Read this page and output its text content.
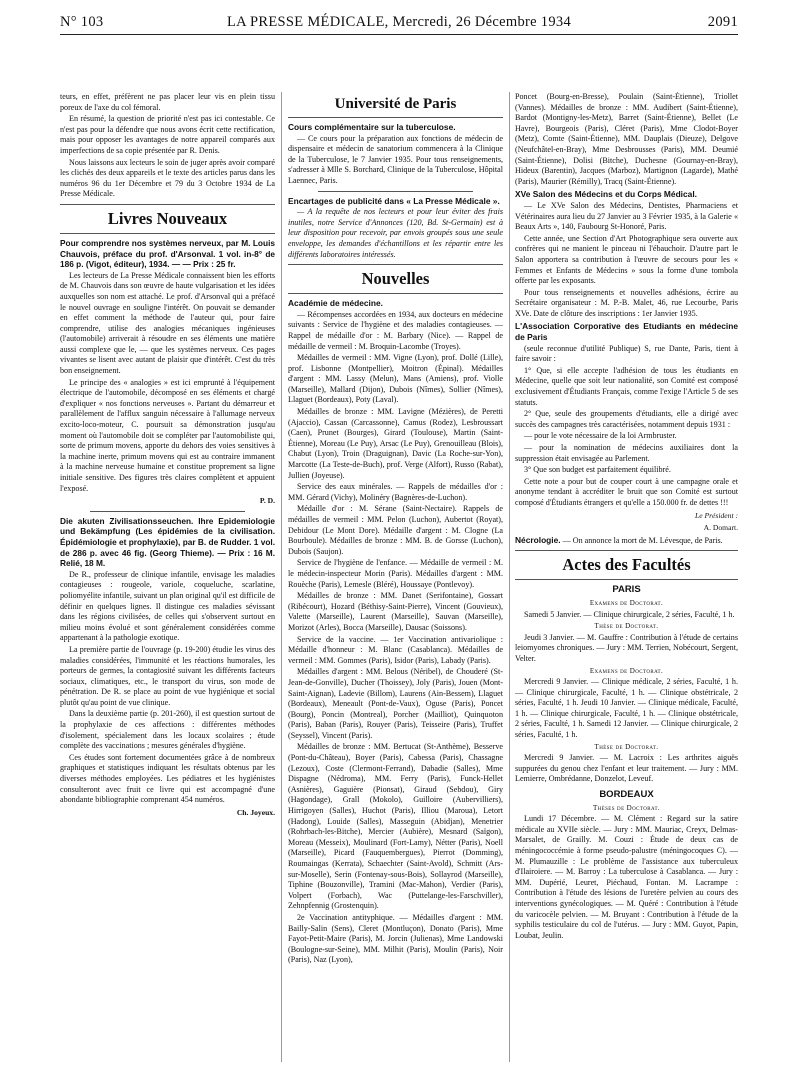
N° 103	LA PRESSE MÉDICALE, Mercredi, 26 Décembre 1934	2091

teurs, en effet, préfèrent ne pas placer leur vis en plein tissu poreux de l'axe du col fémoral.

En résumé, la question de priorité n'est pas ici contestable. Ce n'est pas pour la défendre que nous avons écrit cette rectification, mais pour opposer les avantages de notre appareil comparés aux imperfections de sa copie présentée par R. Denis.

Nous laissons aux lecteurs le soin de juger après avoir comparé les clichés des deux appareils et le texte des articles parus dans les numéros 96 du 1er Décembre et 79 du 3 Octobre 1934 de La Presse Médicale.

Livres Nouveaux

Pour comprendre nos systèmes nerveux, par M. Louis Chauvois, préface du prof. d'Arsonval. 1 vol. in-8° de 186 p. (Vigot, éditeur), 1934. — — Prix : 25 fr.

Les lecteurs de La Presse Médicale connaissent bien les efforts de M. Chauvois dans son œuvre de haute vulgarisation et les idées auxquelles son nom est attaché. Le prof. d'Arsonval qui a préfacé le nouvel ouvrage en souligne l'intérêt. On pouvait se demander en effet comment la méthode de l'auteur qui, pour faire comprendre, utilise des analogies mécaniques ingénieuses (l'automobile) arriverait à résoudre en ses éléments une matière aussi complexe que le, — que les systèmes nerveux. Ces pages vivantes se lisent avec autant de plaisir que d'intérêt. C'est du très bon enseignement.

Le principe des « analogies » est ici emprunté à l'équipement électrique de l'automobile, décomposé en ses éléments et chargé d'expliquer « nos fonctions nerveuses ». Partant du démarreur et parallèlement de l'afflux sanguin nécessaire à l'allumage nerveux excito-loco-moteur, C. poursuit sa démonstration jusqu'au moment où l'automobile doit se compléter par l'automobiliste qui, sorte de primum movens, apporte du dehors des voies sensitives à la machine inerte, primum movens qui est au contraire immanent à la machine nerveuse humaine et constitue proprement sa ligne initiale sensitive. Des figures très claires complètent et appuient l'exposé.

P. D.

Die akuten Zivilisationsseuchen. Ihre Epidemiologie und Bekämpfung (Les épidémies de la civilisation. Épidémiologie et prophylaxie), par B. de Rudder. 1 vol. de 286 p. avec 46 fig. (Georg Thieme). — Prix : 16 M. Relié, 18 M.

De R., professeur de clinique infantile, envisage les maladies contagieuses : rougeole, variole, coqueluche, scarlatine, poliomyélite infantile, suivant un plan original qu'il est difficile de définir en quelques lignes. Il distingue ces maladies sévissant dans les régions civilisées, de celles qui s'observent surtout en milieu moins évolué et sont généralement considérées comme appartenant à la pathologie exotique.

La première partie de l'ouvrage (p. 19-200) étudie les virus des maladies considérées, l'immunité et les réactions humorales, les porteurs de germes, la contagiosité suivant les différents facteurs sociaux, climatiques, etc., le transport du virus, son mode de pénétration. De R. se place au point de vue hygiénique et social plutôt qu'au point de vue clinique.

Dans la deuxième partie (p. 201-260), il est question surtout de la prophylaxie de ces affections : différentes méthodes d'isolement, spécialement dans les locaux scolaires ; étude complète des vaccinations ; mesures générales d'hygiène.

Ces études sont fortement documentées grâce à de nombreux graphiques et statistiques indiquant les résultats obtenus par les diverses méthodes employées. Les pédiatres et les hygiénistes consulteront avec fruit ce livre qui est accompagné d'une abondante bibliographie comprenant 454 numéros.

Ch. Joyeux.

Université de Paris

Cours complémentaire sur la tuberculose.

— Ce cours pour la préparation aux fonctions de médecin de dispensaire et médecin de sanatorium commencera à la Clinique de la Tuberculose, le 7 Janvier 1935. Pour tous renseignements, s'adresser à Mlle S. Borchard, Clinique de la Tuberculose, Hôpital Laennec, Paris.

Encartages de publicité dans « La Presse Médicale ».

— A la requête de nos lecteurs et pour leur éviter des frais inutiles, notre Service d'Annonces (120, Bd. St-Germain) est à leur disposition pour recevoir, par envois groupés sous une seule enveloppe, les demandes d'échantillons et les répartir entre les différents laboratoires intéressés.

Nouvelles

Académie de médecine.

— Récompenses accordées en 1934, aux docteurs en médecine suivants : Service de l'hygiène et des maladies contagieuses. — Rappel de médaille d'or : M. Barbary (Nice). — Rappel de médaille de vermeil : M. Broquin-Lacombe (Troyes).

Médailles de vermeil : MM. Vigne (Lyon), prof. Dollé (Lille), prof. Lisbonne (Montpellier), Moitron (Épinal). Médailles d'argent : MM. Lassy (Melun), Mans (Amiens), prof. Violle (Marseille), Mallard (Dijon), Dubois (Nîmes), Sollier (Nîmes), Llaguet (Bordeaux), Poty (Laval).

Médailles de bronze : MM. Lavigne (Mézières), de Peretti (Ajaccio), Cassan (Carcassonne), Camus (Rodez), Lesbroussart (Caen), Prunet (Bourges), Girard (Toulouse), Martin (Saint-Étienne), Moreau (Le Puy), Arsac (Le Puy), Grenouilleau (Blois), Chabut (Lyon), Troin (Draguignan), Davic (La Roche-sur-Yon), Marcotte (La Teste-de-Buch), prof. Verge (Alfort), Russo (Rabat), Jullien (Joyeuse).

Service des eaux minérales. — Rappels de médailles d'or : MM. Gérard (Vichy), Molinéry (Bagnères-de-Luchon).

Médaille d'or : M. Sérane (Saint-Nectaire). Rappels de médailles de vermeil : MM. Pelon (Luchon), Aubertot (Royat), Debidour (Le Mont Dore). Médaille d'argent : M. Clogne (La Bourboule). Médailles de bronze : MM. B. de Gorsse (Luchon), Dubois (Saujon).

Service de l'hygiène de l'enfance. — Médaille de vermeil : M. le médecin-inspecteur Morin (Paris). Médailles d'argent : MM. Rouèche (Paris), Lemesle (Bléré), Houssaye (Pontlevoy).

Médailles de bronze : MM. Danet (Serifontaine), Gossart (Ribécourt), Hozard (Béthisy-Saint-Pierre), Vincent (Gouvieux), Valette (Marseille), Laurent (Marseille), Sauvan (Marseille), Morizot (Arles), Bocca (Marseille), Dausac (Soissons).

Service de la vaccine. — 1er Vaccination antivariolique : Médaille d'honneur : M. Blanc (Casablanca). Médailles de vermeil : MM. Gommes (Paris), Isidor (Paris), Labady (Paris).

Médailles d'argent : MM. Belous (Néribel), de Chouderé (St-Jean-de-Gonville), Ducher (Thoissey), Joly (Paris), Jouen (Mont-Saint-Aignan), Ladevie (Billom), Laurens (Ain-Bessem), Llaguet (Bordeaux), Meneault (Pont-de-Vaux), Oguse (Paris), Poncet (Bourg), Poncin (Montreal), Porcher (Mailliot), Quinquoton (Paris), Baban (Paris), Rouyer (Paris), Teisseire (Paris), Truffet (Seyssel), Vincent (Paris).

Médailles de bronze : MM. Bertucat (St-Anthème), Besserve (Pont-du-Château), Boyer (Paris), Cabessa (Paris), Chassagne (Lezoux), Coste (Clermont-Ferrand), Dabadie (Salles), Mme Dispagne (Nédroma), MM. Ferry (Paris), Funck-Hellet (Asnières), Gaguière (Pionsat), Giraud (Sebdou), Giry (Hagondage), Grall (Mokolo), Guilloire (Aubervilliers), Hirrigoyen (Salles), Huchot (Paris), Illiou (Maroua), Letort (Hadong), Louide (Salles), Masseguin (Abidjan), Menetrier (Rohrbach-les-Bitche), Mercier (Aubière), Mesnard (Saïgon), Moreau (Messeix), Moulinard (Fort-Lamy), Nétter (Paris), Noell (Marseille), Picard (Fauquembergues), Pierrot (Domming), Roumaingas (Kerrata), Schaechter (Saint-Avold), Schmitt (Ars-sur-Moselle), Serin (Fontenay-sous-Bois), Sollayrod (Marseille), Tiphine (Bouzonville), Tramini (Mac-Mahon), Verdier (Paris), Volpert (Forbach), Wac (Puttelange-les-Farschviller), Zehnpfennig (Grostenquin).

2e Vaccination antityphique. — Médailles d'argent : MM. Bailly-Salin (Sens), Cleret (Montluçon), Donato (Paris), Mme Fayot-Petit-Maire (Paris), M. Jorcin (Julienas), Mme Landowski (Boulogne-sur-Seine), MM. Milhit (Paris), Moulin (Paris), Noir (Paris), Naz (Lyon),

Poncet (Bourg-en-Bresse), Poulain (Saint-Étienne), Triollet (Vannes). Médailles de bronze : MM. Audibert (Saint-Étienne), Bardot (Montigny-les-Metz), Barret (Saint-Étienne), Bellet (Le Havre), Bourgeois (Paris), Cléret (Paris), Mme Clodot-Boyer (Metz), Comte (Saint-Étienne), MM. Dauplais (Dieuze), Delgove (Neufchâtel-en-Bray), Mme Desbrousses (Paris), MM. Deumié (Saint-Étienne), Dolisi (Bitche), Duchesne (Gournay-en-Bray), Hideux (Barentin), Jacques (Marboz), Martignon (Lagarde), Mathé (Paris), Maurier (Rémilly), Tracq (Saint-Étienne).

XVe Salon des Médecins et du Corps Médical.

— Le XVe Salon des Médecins, Dentistes, Pharmaciens et Vétérinaires aura lieu du 27 Janvier au 3 Février 1935, à la Galerie « Beaux Arts », 140, Faubourg St-Honoré, Paris.

Cette année, une Section d'Art Photographique sera ouverte aux confrères qui ne manient le pinceau ni l'ébauchoir. D'autre part le Salon apportera sa contribution à l'œuvre de secours pour les « Femmes et Enfants de Médecins » sous la forme d'une tombola offerte par les exposants.

Pour tous renseignements et nouvelles adhésions, écrire au Secrétaire organisateur : M. P.-B. Malet, 46, rue Lecourbe, Paris XVe. Date de clôture des inscriptions : 1er Janvier 1935.

L'Association Corporative des Etudiants en médecine de Paris

(seule reconnue d'utilité Publique) S, rue Dante, Paris, tient à faire savoir :

1° Que, si elle accepte l'adhésion de tous les étudiants en Médecine, quelle que soit leur nationalité, son Comité est composé exclusivement d'Étudiants Français, comme l'exige l'Article 5 de ses statuts.

2° Que, seule des groupements d'étudiants, elle a dirigé avec succès des campagnes très caractérisées, notamment depuis 1931 :

— pour le vote nécessaire de la loi Armbruster.

— pour la nomination de médecins auxiliaires dont la suppression était envisagée au Parlement.

3° Que son budget est parfaitement équilibré.

Cette note a pour but de couper court à une campagne orale et anonyme tendant à accréditer le bruit que son Comité est surtout composé d'Étudiants étrangers et qu'elle a 150.000 fr. de dettes !!!

Le Président :

A. Domart.

Nécrologie. — On annonce la mort de M. Lévesque, de Paris.

Actes des Facultés
PARIS

Examens de Doctorat.

Samedi 5 Janvier. — Clinique chirurgicale, 2 séries, Faculté, 1 h.

Thèse de Doctorat.

Jeudi 3 Janvier. — M. Gauffre : Contribution à l'étude de certains leiomyomes chroniques. — Jury : MM. Terrien, Nobécourt, Sergent, Velter.

Examens de Doctorat.

Mercredi 9 Janvier. — Clinique médicale, 2 séries, Faculté, 1 h. — Clinique chirurgicale, Faculté, 1 h. — Clinique obstétricale, 2 séries, Faculté, 1 h. Jeudi 10 Janvier. — Clinique médicale, Faculté, 1 h. — Clinique chirurgicale, Faculté, 1 h. — Clinique obstétricale, 2 séries, Faculté, 1 h. Samedi 12 Janvier. — Clinique chirurgicale, 2 séries, Faculté, 1 h.

Thèse de Doctorat.

Mercredi 9 Janvier. — M. Lacroix : Les arthrites aiguës suppurées du genou chez l'enfant et leur traitement. — Jury : MM. Lemierre, Ombrédanne, Donzelot, Leveuf.

BORDEAUX

Thèses de Doctorat.

Lundi 17 Décembre. — M. Clément : Regard sur la satire médicale au XVIIe siècle. — Jury : MM. Mauriac, Creyx, Delmas-Marsalet, de Grailly. M. Couzi : Étude de deux cas de méningococcémie à forme pseudo-palustre (méningocoques C). — M. Plumauzille : Le problème de l'assistance aux tuberculeux d'Ilairoiere. — M. Barroy : La tuberculose à Casablanca. — Jury : MM. Dupérié, Leuret, Piéchaud, Fontan. M. Lacrampe : Contribution à l'étude des lésions de l'uretère pelvien au cours des interventions gynécologiques. — M. Quéré : Contribution à l'étude du varicocèle pelvien. — M. Bruyant : Contribution à l'étude de la syphilis testiculaire du col de l'utérus. — Jury : MM. Guyot, Papin, Loubat, Jeulin.
